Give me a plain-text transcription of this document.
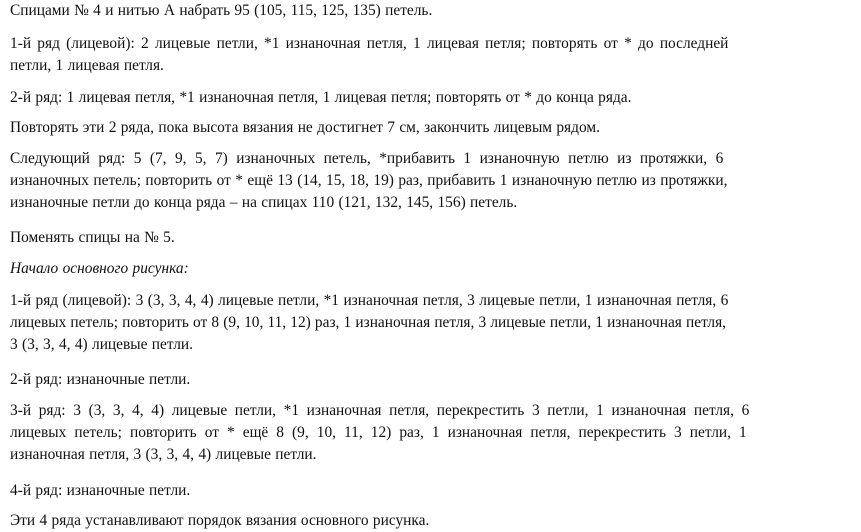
Спицами № 4 и нитью А набрать 95 (105, 115, 125, 135) петель.

1-й ряд (лицевой): 2 лицевые петли, *1 изнаночная петля, 1 лицевая петля; повторять от * до последней
петли, 1 лицевая петля.

2-й ряд: 1 лицевая петля, *1 изнаночная петля, 1 лицевая петля; повторять от * до конца ряда.

Повторять эти 2 ряда, пока высота вязания не достигнет 7 см, закончить лицевым рядом.

Следующий ряд: 5 (7, 9, 5, 7) изнаночных петель, *прибавить 1 изнаночную петлю из протяжки, 6
изнаночных петель; повторить от * ещё 13 (14, 15, 18, 19) раз, прибавить 1 изнаночную петлю из протяжки,
изнаночные петли до конца ряда – на спицах 110 (121, 132, 145, 156) петель.

Поменять спицы на № 5.

Начало основного рисунка:

1-й ряд (лицевой): 3 (3, 3, 4, 4) лицевые петли, *1 изнаночная петля, 3 лицевые петли, 1 изнаночная петля, 6
лицевых петель; повторить от 8 (9, 10, 11, 12) раз, 1 изнаночная петля, 3 лицевые петли, 1 изнаночная петля,
3 (3, 3, 4, 4) лицевые петли.

2-й ряд: изнаночные петли.

3-й ряд: 3 (3, 3, 4, 4) лицевые петли, *1 изнаночная петля, перекрестить 3 петли, 1 изнаночная петля, 6
лицевых петель; повторить от * ещё 8 (9, 10, 11, 12) раз, 1 изнаночная петля, перекрестить 3 петли, 1
изнаночная петля, 3 (3, 3, 4, 4) лицевые петли.

4-й ряд: изнаночные петли.

Эти 4 ряда устанавливают порядок вязания основного рисунка.
